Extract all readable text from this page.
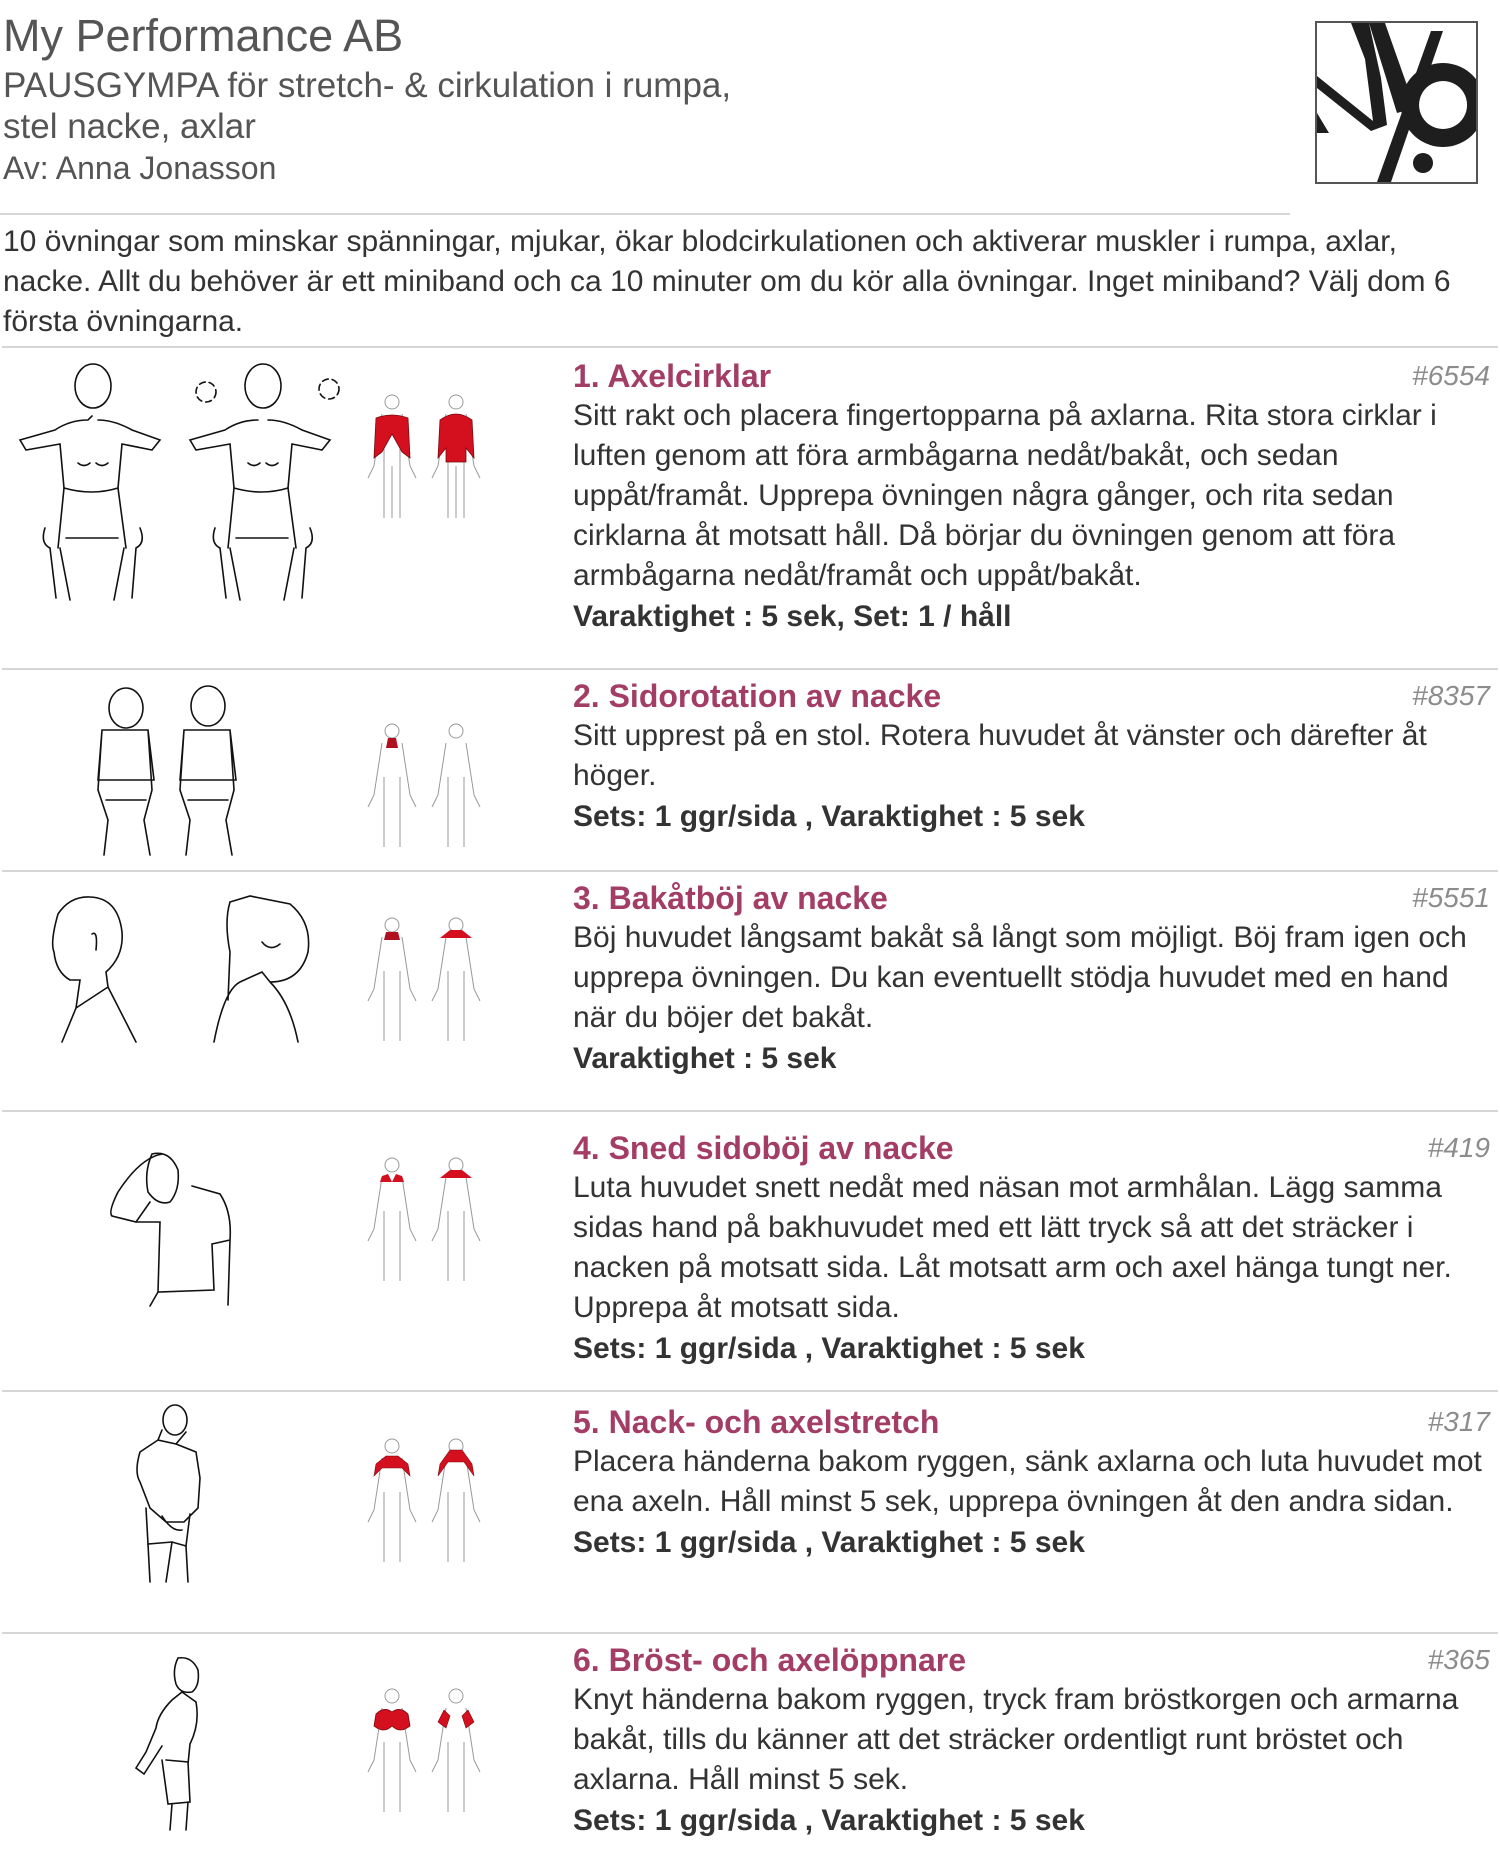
My Performance AB
PAUSGYMPA för stretch- & cirkulation i rumpa,
stel nacke, axlar
Av: Anna Jonasson
10 övningar som minskar spänningar, mjukar, ökar blodcirkulationen och aktiverar muskler i rumpa, axlar, nacke. Allt du behöver är ett miniband och ca 10 minuter om du kör alla övningar. Inget miniband? Välj dom 6 första övningarna.
1. Axelcirklar	#6554
Sitt rakt och placera fingertopparna på axlarna. Rita stora cirklar i luften genom att föra armbågarna nedåt/bakåt, och sedan uppåt/framåt. Upprepa övningen några gånger, och rita sedan cirklarna åt motsatt håll. Då börjar du övningen genom att föra armbågarna nedåt/framåt och uppåt/bakåt.
Varaktighet : 5 sek, Set: 1 / håll
2. Sidorotation av nacke	#8357
Sitt upprest på en stol. Rotera huvudet åt vänster och därefter åt höger.
Sets: 1 ggr/sida , Varaktighet : 5 sek
3. Bakåtböj av nacke	#5551
Böj huvudet långsamt bakåt så långt som möjligt. Böj fram igen och upprepa övningen. Du kan eventuellt stödja huvudet med en hand när du böjer det bakåt.
Varaktighet : 5 sek
4. Sned sidoböj av nacke	#419
Luta huvudet snett nedåt med näsan mot armhålan. Lägg samma sidas hand på bakhuvudet med ett lätt tryck så att det sträcker i nacken på motsatt sida. Låt motsatt arm och axel hänga tungt ner. Upprepa åt motsatt sida.
Sets: 1 ggr/sida , Varaktighet : 5 sek
5. Nack- och axelstretch	#317
Placera händerna bakom ryggen, sänk axlarna och luta huvudet mot ena axeln. Håll minst 5 sek, upprepa övningen åt den andra sidan.
Sets: 1 ggr/sida , Varaktighet : 5 sek
6. Bröst- och axelöppnare	#365
Knyt händerna bakom ryggen, tryck fram bröstkorgen och armarna bakåt, tills du känner att det sträcker ordentligt runt bröstet och axlarna. Håll minst 5 sek.
Sets: 1 ggr/sida , Varaktighet : 5 sek
